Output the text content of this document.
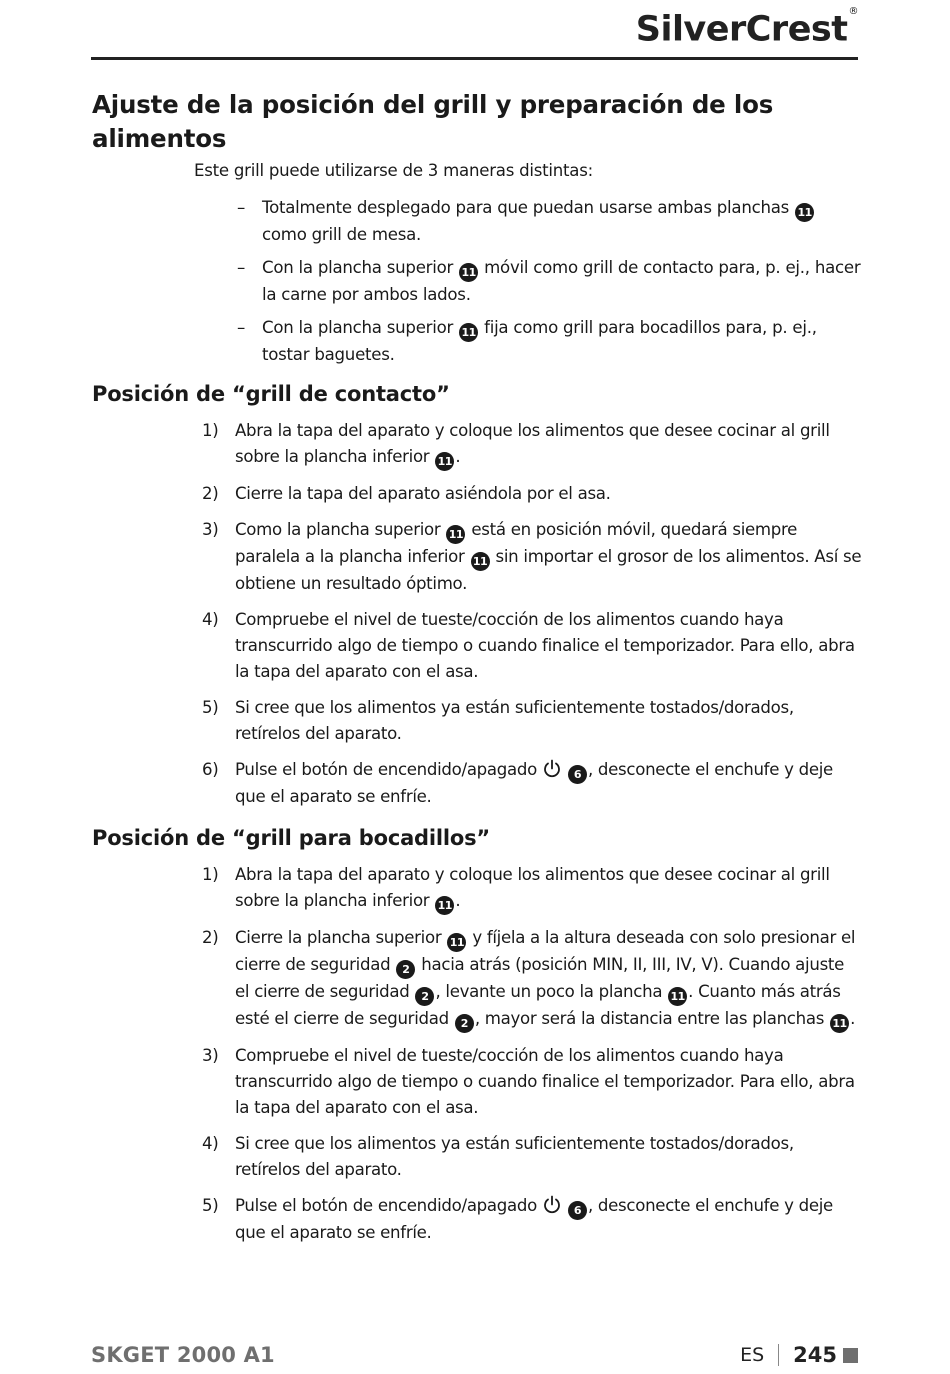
SilverCrest®
Ajuste de la posición del grill y preparación de los alimentos

Este grill puede utilizarse de 3 maneras distintas:

– Totalmente desplegado para que puedan usarse ambas planchas 11 como grill de mesa.
– Con la plancha superior 11 móvil como grill de contacto para, p. ej., hacer la carne por ambos lados.
– Con la plancha superior 11 fija como grill para bocadillos para, p. ej., tostar baguetes.
Posición de “grill de contacto”
1) Abra la tapa del aparato y coloque los alimentos que desee cocinar al grill sobre la plancha inferior 11 .
2) Cierre la tapa del aparato asiéndola por el asa.
3) Como la plancha superior 11 está en posición móvil, quedará siempre paralela a la plancha inferior 11 sin importar el grosor de los alimentos. Así se obtiene un resultado óptimo.
4) Compruebe el nivel de tueste/cocción de los alimentos cuando haya transcurrido algo de tiempo o cuando finalice el temporizador. Para ello, abra la tapa del aparato con el asa.
5) Si cree que los alimentos ya están suficientemente tostados/dorados, retírelos del aparato.
6) Pulse el botón de encendido/apagado	6 , desconecte el enchufe y deje que el aparato se enfríe.
Posición de “grill para bocadillos”
1) Abra la tapa del aparato y coloque los alimentos que desee cocinar al grill sobre la plancha inferior 11 .
2) Cierre la plancha superior 11 y fíjela a la altura deseada con solo presionar el cierre de seguridad 2 hacia atrás (posición MIN, II, III, IV, V). Cuando ajuste el cierre de seguridad 2 , levante un poco la plancha 11 . Cuanto más atrás esté el cierre de seguridad 2 , mayor será la distancia entre las planchas 11 .
3) Compruebe el nivel de tueste/cocción de los alimentos cuando haya transcurrido algo de tiempo o cuando finalice el temporizador. Para ello, abra la tapa del aparato con el asa.
4) Si cree que los alimentos ya están suficientemente tostados/dorados, retírelos del aparato.
5) Pulse el botón de encendido/apagado	6 , desconecte el enchufe y deje que el aparato se enfríe.
SKGET 2000 A1	ES 245
